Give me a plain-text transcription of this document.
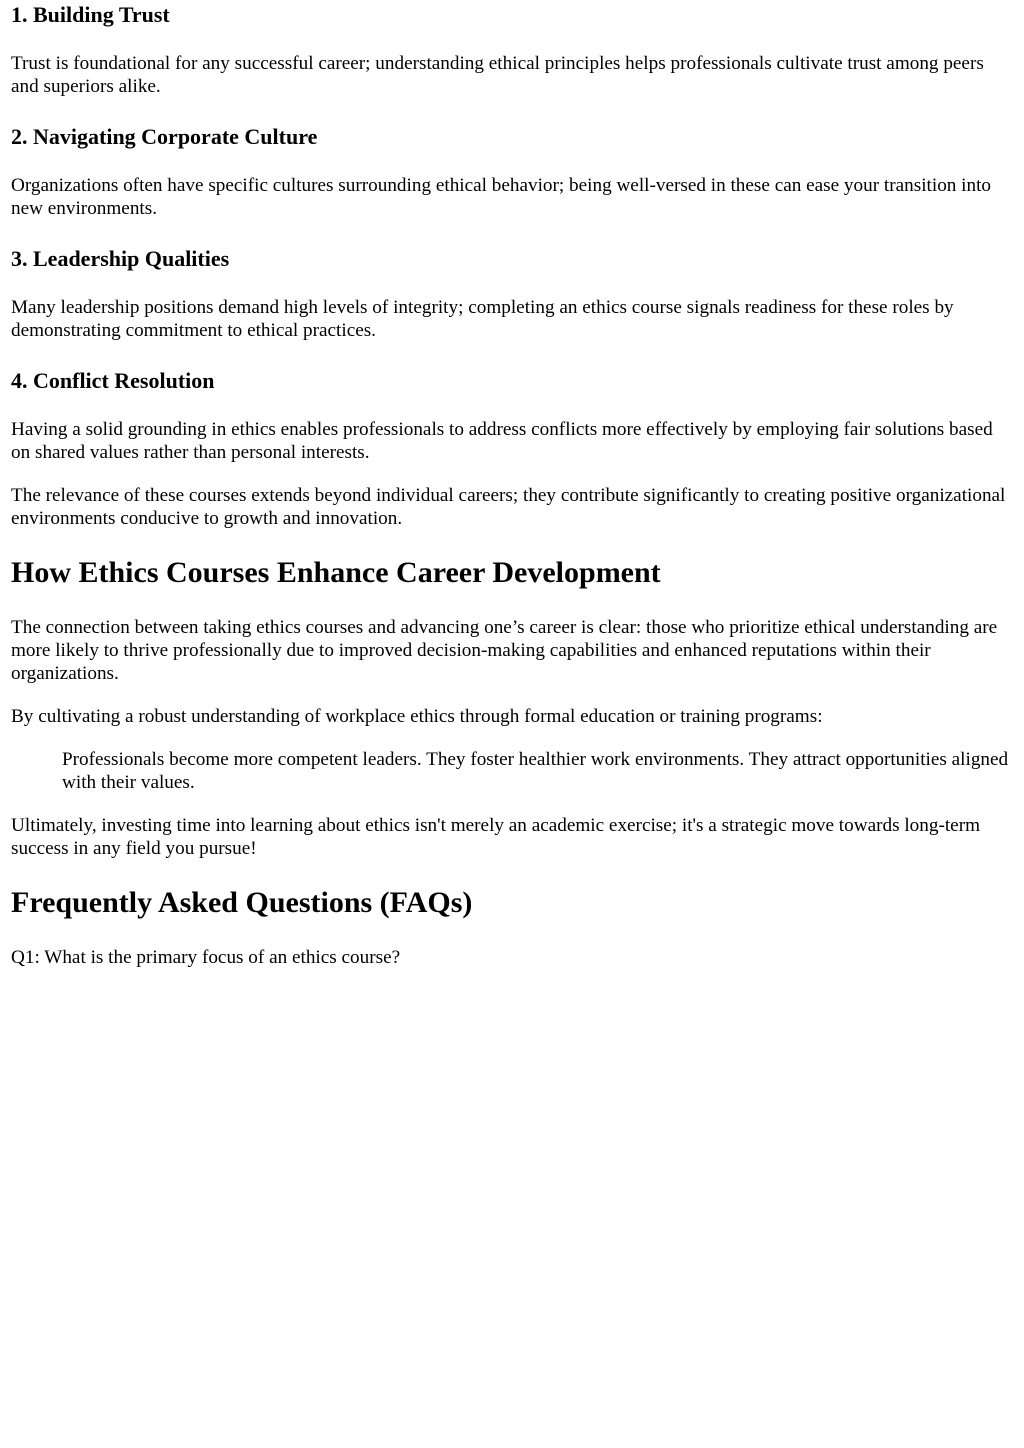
1. Building Trust

Trust is foundational for any successful career; understanding ethical principles helps professionals cultivate trust among peers and superiors alike.

2. Navigating Corporate Culture

Organizations often have specific cultures surrounding ethical behavior; being well-versed in these can ease your transition into new environments.

3. Leadership Qualities

Many leadership positions demand high levels of integrity; completing an ethics course signals readiness for these roles by demonstrating commitment to ethical practices.

4. Conflict Resolution

Having a solid grounding in ethics enables professionals to address conflicts more effectively by employing fair solutions based on shared values rather than personal interests.

The relevance of these courses extends beyond individual careers; they contribute significantly to creating positive organizational environments conducive to growth and innovation.

How Ethics Courses Enhance Career Development

The connection between taking ethics courses and advancing one’s career is clear: those who prioritize ethical understanding are more likely to thrive professionally due to improved decision-making capabilities and enhanced reputations within their organizations.

By cultivating a robust understanding of workplace ethics through formal education or training programs:

Professionals become more competent leaders. They foster healthier work environments. They attract opportunities aligned with their values.

Ultimately, investing time into learning about ethics isn't merely an academic exercise; it's a strategic move towards long-term success in any field you pursue!

Frequently Asked Questions (FAQs)

Q1: What is the primary focus of an ethics course?
